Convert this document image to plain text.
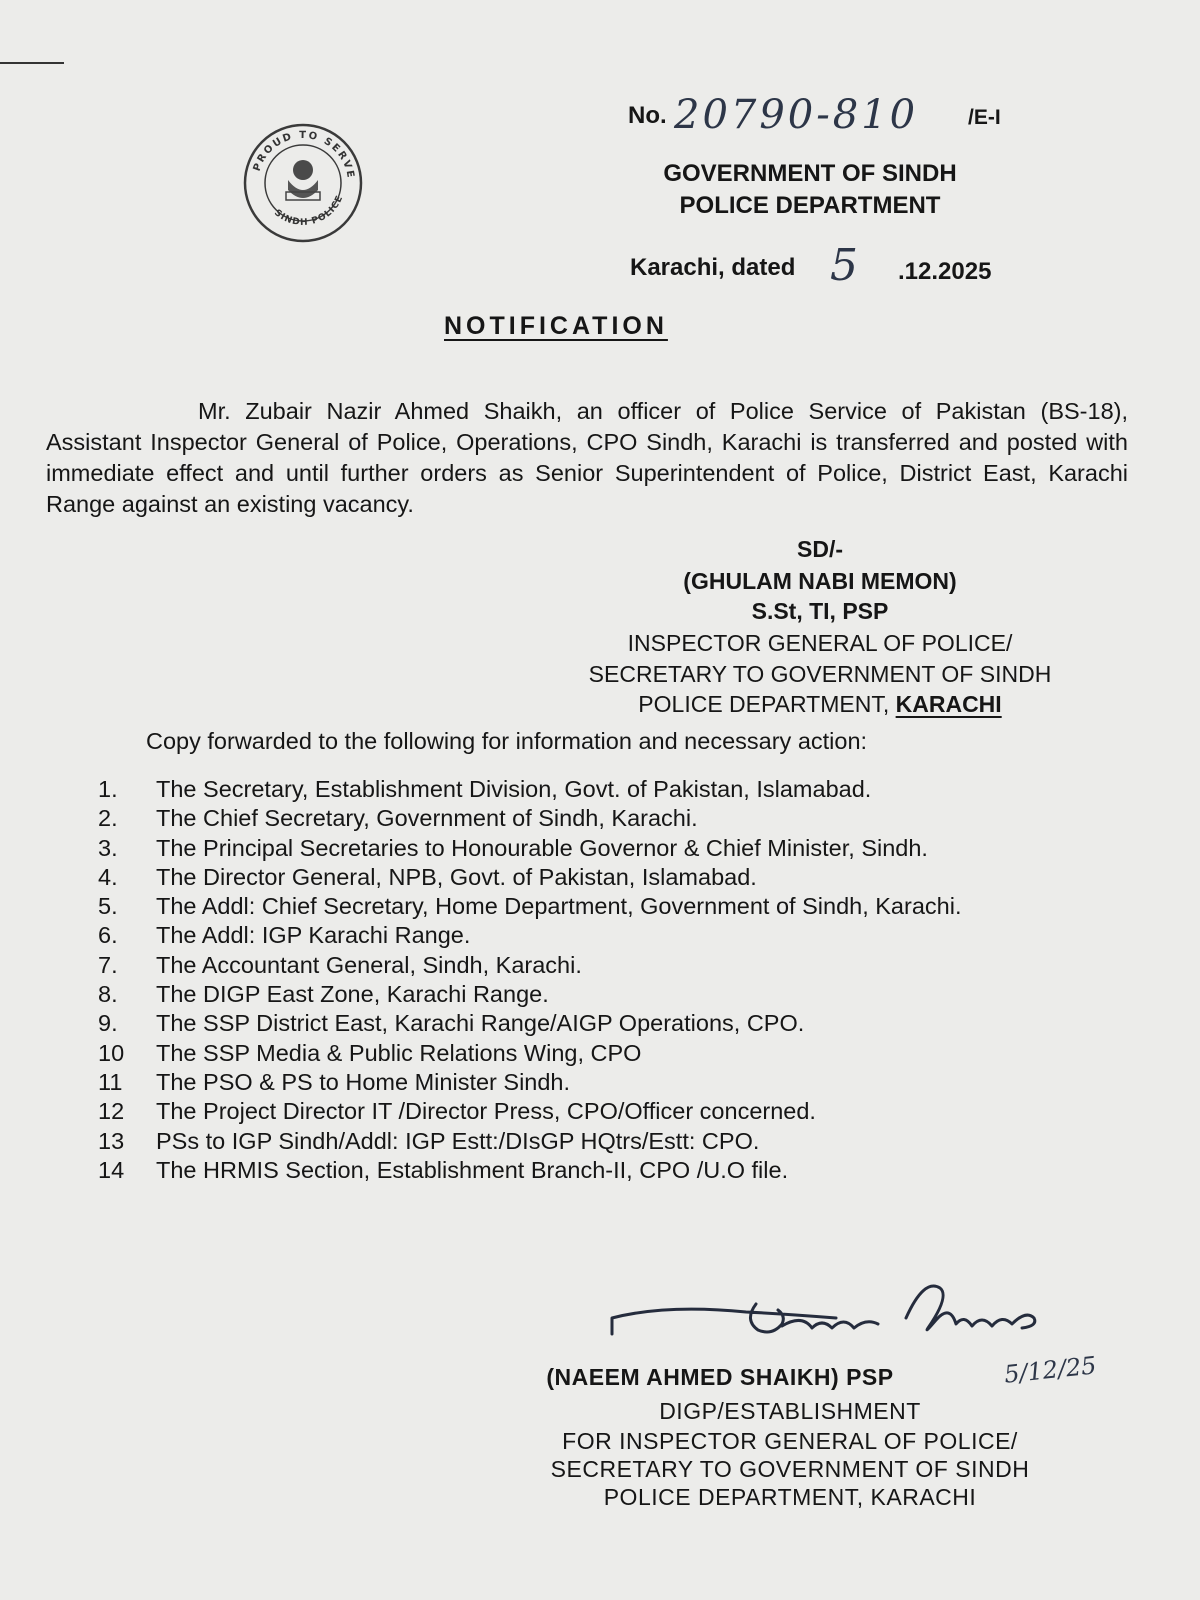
PROUD TO SERVE
SINDH POLICE
No. 20790-810 /E-I
GOVERNMENT OF SINDH
POLICE DEPARTMENT
Karachi, dated 5 .12.2025
NOTIFICATION

Mr. Zubair Nazir Ahmed Shaikh, an officer of Police Service of Pakistan (BS-18), Assistant Inspector General of Police, Operations, CPO Sindh, Karachi is transferred and posted with immediate effect and until further orders as Senior Superintendent of Police, District East, Karachi Range against an existing vacancy.

SD/-
(GHULAM NABI MEMON)
S.St, TI, PSP
INSPECTOR GENERAL OF POLICE/
SECRETARY TO GOVERNMENT OF SINDH
POLICE DEPARTMENT, KARACHI
Copy forwarded to the following for information and necessary action:
1.	The Secretary, Establishment Division, Govt. of Pakistan, Islamabad.
2.	The Chief Secretary, Government of Sindh, Karachi.
3.	The Principal Secretaries to Honourable Governor & Chief Minister, Sindh.
4.	The Director General, NPB, Govt. of Pakistan, Islamabad.
5.	The Addl: Chief Secretary, Home Department, Government of Sindh, Karachi.
6.	The Addl: IGP Karachi Range.
7.	The Accountant General, Sindh, Karachi.
8.	The DIGP East Zone, Karachi Range.
9.	The SSP District East, Karachi Range/AIGP Operations, CPO.
10	The SSP Media & Public Relations Wing, CPO
11	The PSO & PS to Home Minister Sindh.
12	The Project Director IT /Director Press, CPO/Officer concerned.
13	PSs to IGP Sindh/Addl: IGP Estt:/DIsGP HQtrs/Estt: CPO.
14	The HRMIS Section, Establishment Branch-II, CPO /U.O file.
5/12/25
(NAEEM AHMED SHAIKH) PSP
DIGP/ESTABLISHMENT
FOR INSPECTOR GENERAL OF POLICE/
SECRETARY TO GOVERNMENT OF SINDH
POLICE DEPARTMENT, KARACHI
